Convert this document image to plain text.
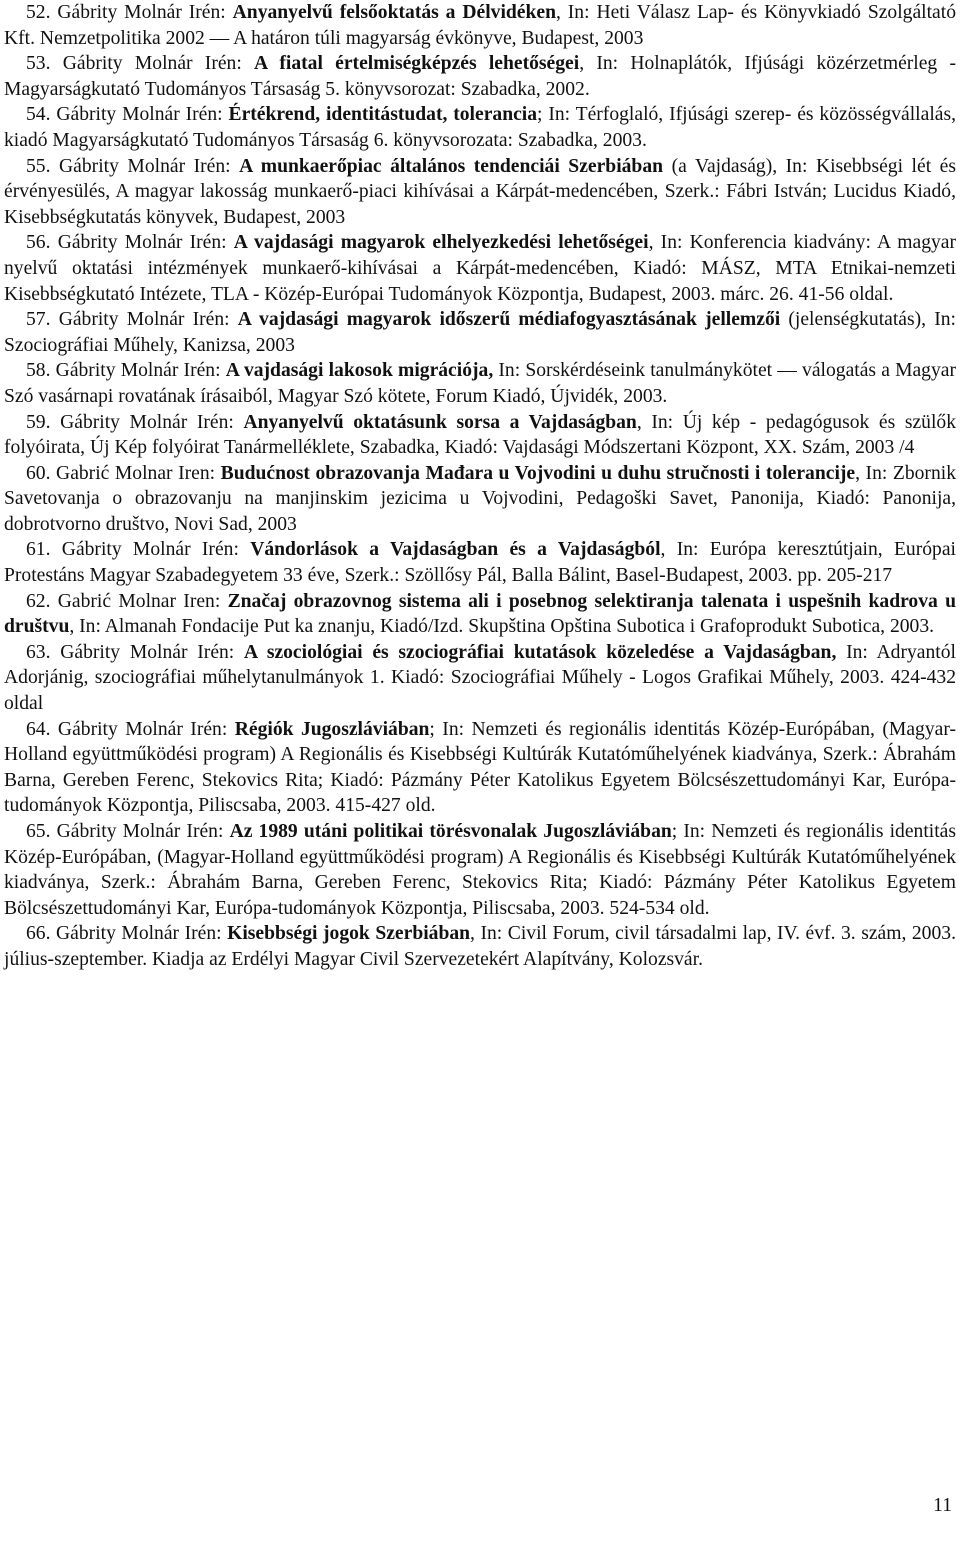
52. Gábrity Molnár Irén: Anyanyelvű felsőoktatás a Délvidéken, In: Heti Válasz Lap- és Könyvkiadó Szolgáltató Kft. Nemzetpolitika 2002 ― A határon túli magyarság évkönyve, Budapest, 2003

53. Gábrity Molnár Irén: A fiatal értelmiségképzés lehetőségei, In: Holnaplátók, Ifjúsági közérzetmérleg - Magyarságkutató Tudományos Társaság 5. könyvsorozat: Szabadka, 2002.

54. Gábrity Molnár Irén: Értékrend, identitástudat, tolerancia; In: Térfoglaló, Ifjúsági szerep- és közösségvállalás, kiadó Magyarságkutató Tudományos Társaság 6. könyvsorozata: Szabadka, 2003.

55. Gábrity Molnár Irén: A munkaerőpiac általános tendenciái Szerbiában (a Vajdaság), In: Kisebbségi lét és érvényesülés, A magyar lakosság munkaerő-piaci kihívásai a Kárpát-medencében, Szerk.: Fábri István; Lucidus Kiadó, Kisebbségkutatás könyvek, Budapest, 2003

56. Gábrity Molnár Irén: A vajdasági magyarok elhelyezkedési lehetőségei, In: Konferencia kiadvány: A magyar nyelvű oktatási intézmények munkaerő-kihívásai a Kárpát-medencében, Kiadó: MÁSZ, MTA Etnikai-nemzeti Kisebbségkutató Intézete, TLA - Közép-Európai Tudományok Központja, Budapest, 2003. márc. 26. 41-56 oldal.

57. Gábrity Molnár Irén: A vajdasági magyarok időszerű médiafogyasztásának jellemzői (jelenségkutatás), In: Szociográfiai Műhely, Kanizsa, 2003

58. Gábrity Molnár Irén: A vajdasági lakosok migrációja, In: Sorskérdéseink tanulmánykötet ― válogatás a Magyar Szó vasárnapi rovatának írásaiból, Magyar Szó kötete, Forum Kiadó, Újvidék, 2003.

59. Gábrity Molnár Irén: Anyanyelvű oktatásunk sorsa a Vajdaságban, In: Új kép - pedagógusok és szülők folyóirata, Új Kép folyóirat Tanármelléklete, Szabadka, Kiadó: Vajdasági Módszertani Központ, XX. Szám, 2003 /4

60. Gabrić Molnar Iren: Budućnost obrazovanja Mađara u Vojvodini u duhu stručnosti i tolerancije, In: Zbornik Savetovanja o obrazovanju na manjinskim jezicima u Vojvodini, Pedagoški Savet, Panonija, Kiadó: Panonija, dobrotvorno društvo, Novi Sad, 2003

61. Gábrity Molnár Irén: Vándorlások a Vajdaságban és a Vajdaságból, In: Európa keresztútjain, Európai Protestáns Magyar Szabadegyetem 33 éve, Szerk.: Szöllősy Pál, Balla Bálint, Basel-Budapest, 2003. pp. 205-217

62. Gabrić Molnar Iren: Značaj obrazovnog sistema ali i posebnog selektiranja talenata i uspešnih kadrova u društvu, In: Almanah Fondacije Put ka znanju, Kiadó/Izd. Skupština Opština Subotica i Grafoprodukt Subotica, 2003.

63. Gábrity Molnár Irén: A szociológiai és szociográfiai kutatások közeledése a Vajdaságban, In: Adryantól Adorjánig, szociográfiai műhelytanulmányok 1. Kiadó: Szociográfiai Műhely - Logos Grafikai Műhely, 2003. 424-432 oldal

64. Gábrity Molnár Irén: Régiók Jugoszláviában; In: Nemzeti és regionális identitás Közép-Európában, (Magyar-Holland együttműködési program) A Regionális és Kisebbségi Kultúrák Kutatóműhelyének kiadványa, Szerk.: Ábrahám Barna, Gereben Ferenc, Stekovics Rita; Kiadó: Pázmány Péter Katolikus Egyetem Bölcsészettudományi Kar, Európa-tudományok Központja, Piliscsaba, 2003. 415-427 old.

65. Gábrity Molnár Irén: Az 1989 utáni politikai törésvonalak Jugoszláviában; In: Nemzeti és regionális identitás Közép-Európában, (Magyar-Holland együttműködési program) A Regionális és Kisebbségi Kultúrák Kutatóműhelyének kiadványa, Szerk.: Ábrahám Barna, Gereben Ferenc, Stekovics Rita; Kiadó: Pázmány Péter Katolikus Egyetem Bölcsészettudományi Kar, Európa-tudományok Központja, Piliscsaba, 2003. 524-534 old.

66. Gábrity Molnár Irén: Kisebbségi jogok Szerbiában, In: Civil Forum, civil társadalmi lap, IV. évf. 3. szám, 2003. július-szeptember. Kiadja az Erdélyi Magyar Civil Szervezetekért Alapítvány, Kolozsvár.

11
